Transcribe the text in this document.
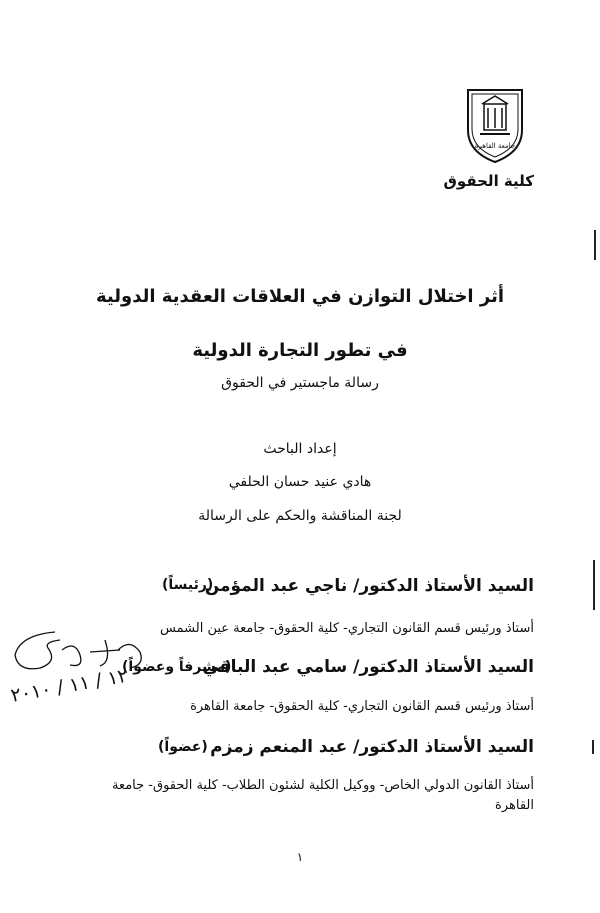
جامعة القاهرة
كلية الحقوق
أثر اختلال التوازن في العلاقات العقدية الدولية
في تطور التجارة الدولية
رسالة ماجستير في الحقوق
إعداد الباحث
هادي عنيد حسان الحلفي
لجنة المناقشة والحكم على الرسالة
السيد الأستاذ الدكتور/ ناجي عبد المؤمن
(رئيساً)
أستاذ ورئيس قسم القانون التجاري- كلية الحقوق- جامعة عين الشمس
السيد الأستاذ الدكتور/ سامي عبد الباقي
(مشرفاً وعضواً)
أستاذ ورئيس قسم القانون التجاري- كلية الحقوق- جامعة القاهرة
السيد الأستاذ الدكتور/ عبد المنعم زمزم
(عضواً)
أستاذ القانون الدولي الخاص- ووكيل الكلية لشئون الطلاب- كلية الحقوق- جامعة القاهرة
١٢ / ١١ / ٢٠١٠
١
